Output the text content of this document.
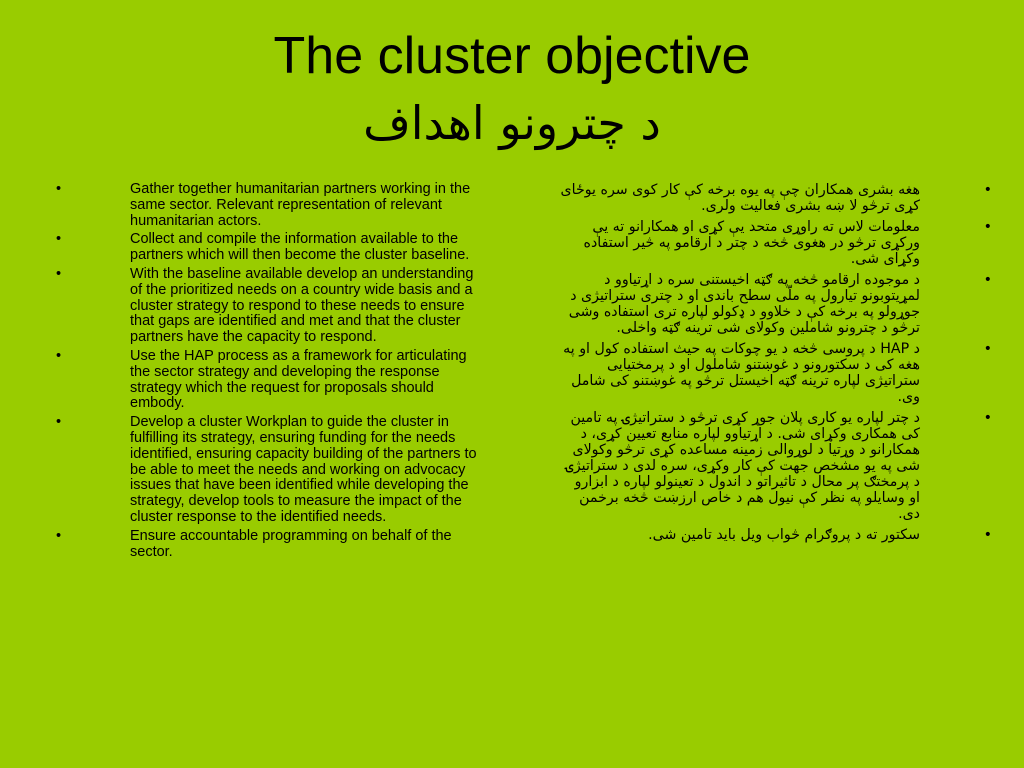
The cluster objective
د چترونو اهداف
•	Gather together humanitarian partners working in the same sector. Relevant representation of relevant humanitarian actors.
•	Collect and compile the information available to the partners which will then become the cluster baseline.
•	With the baseline available develop an understanding of the prioritized needs on a country wide basis and a cluster strategy to respond to these needs to ensure that gaps are identified and met and that the cluster partners have the capacity to respond.
•	Use the HAP process as a framework for articulating the sector strategy and developing the response strategy which the request for proposals should embody.
•	Develop a cluster Workplan to guide the cluster in fulfilling its strategy, ensuring funding for the needs identified, ensuring capacity building of the partners to be able to meet the needs and working on advocacy issues that have been identified while developing the strategy, develop tools to measure the impact of the cluster response to the identified needs.
•	Ensure accountable programming on behalf of the sector.
•
هغه بشری همکاران چې په یوه برخه کې کار کوی سره یوځای کړی ترڅو لا ښه بشری فعالیت ولری.
•
معلومات لاس ته راوړی متحد یې کړی او همکارانو ته یې ورکړی ترڅو در هغوی څخه د چتر د ارقامو په څیر استفاده وکړای شی.
•
د موجوده ارقامو څخه په ګټه اخیستنی سره د اړتیاوو د لمړیتوبونو تیارول په ملّی سطح باندی او د چتری ستراتیژی د جوړولو په برخه کې د خلاوو د ډکولو لپاره تری استفاده وشی ترڅو د چترونو شاملین وکولای شی ترینه ګټه واخلی.
•
د HAP د پروسی څخه د یو چوکات په حیث استفاده کول او په هغه کی د سکتورونو د غوښتنو شاملول او د پرمختیایی ستراتیژی لپاره ترینه ګټه اخیستل ترڅو په غوښتنو کی شامل وی.
•
د چتر لپاره یو کاری پلان جوړ کړی ترڅو د ستراتیژۍ په تامین کی همکاری وکړای شی. د اړتیاوو لپاره منابع تعیین کړی، د همکارانو د وړتیا د لوړوالی زمینه مساعده کړی ترڅو وکولای شی په یو مشخص جهت کې کار وکړی، سره لدی د ستراتیژۍ د پرمختګ پر محال د تاثیراتو د اندول د تعینولو لپاره د ابزارو او وسایلو په نظر کې نیول هم د خاص ارزښت څخه برخمن دی.
•
سکتور ته د پروګرام څواب ویل باید تامین شی.
